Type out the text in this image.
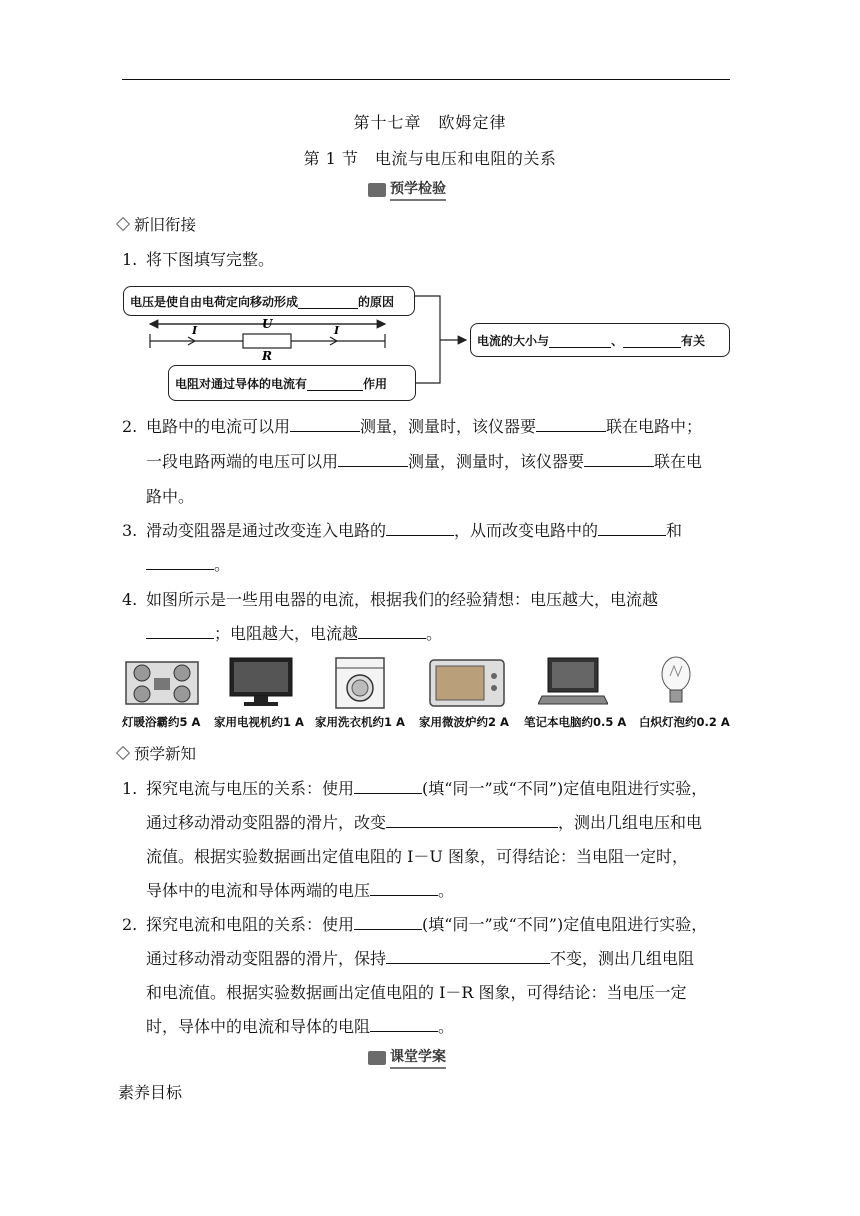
第十七章　欧姆定律
第 1 节　电流与电压和电阻的关系
预学检验
新旧衔接
1. 将下图填写完整。
电压是使自由电荷定向移动形成	的原因
电阻对通过导体的电流有	作用
电流的大小与	、	有关
U
R
I	I
2. 电路中的电流可以用	测量，测量时，该仪器要	联在电路中；
一段电路两端的电压可以用	测量，测量时，该仪器要	联在电
路中。
3. 滑动变阻器是通过改变连入电路的	，从而改变电路中的	和
。
4. 如图所示是一些用电器的电流，根据我们的经验猜想：电压越大，电流越
；电阻越大，电流越	。
灯暖浴霸约5 A 家用电视机约1 A 家用洗衣机约1 A 家用微波炉约2 A 笔记本电脑约0.5 A 白炽灯泡约0.2 A
预学新知
1. 探究电流与电压的关系：使用	(填“同一”或“不同”)定值电阻进行实验，
通过移动滑动变阻器的滑片，改变	，测出几组电压和电
流值。根据实验数据画出定值电阻的 I－U 图象，可得结论：当电阻一定时，
导体中的电流和导体两端的电压	。
2. 探究电流和电阻的关系：使用	(填“同一”或“不同”)定值电阻进行实验，
通过移动滑动变阻器的滑片，保持	不变，测出几组电阻
和电流值。根据实验数据画出定值电阻的 I－R 图象，可得结论：当电压一定
时，导体中的电流和导体的电阻	。
课堂学案
素养目标
